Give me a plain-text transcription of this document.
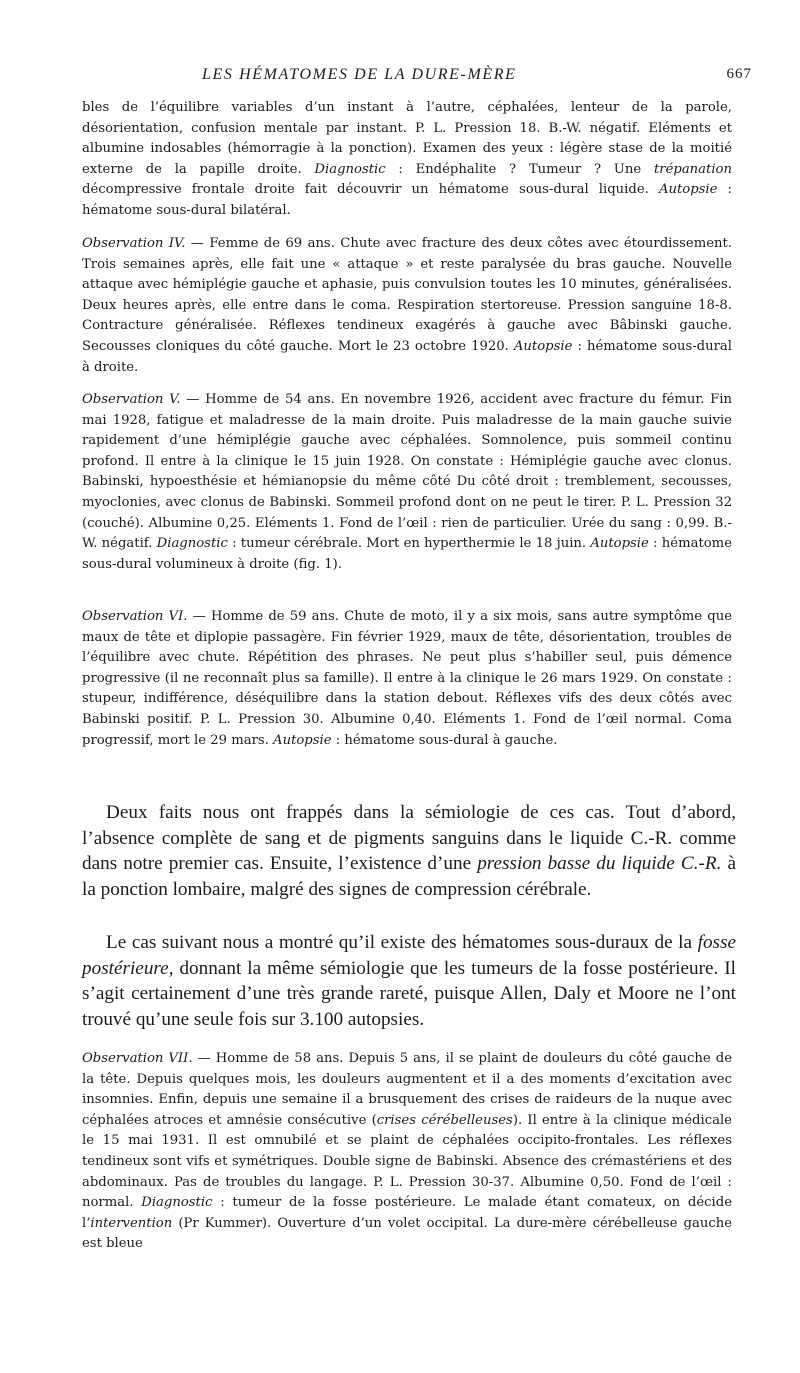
LES HÉMATOMES DE LA DURE-MÈRE	667

bles de l’équilibre variables d’un instant à l’autre, céphalées, lenteur de la parole, désorientation, confusion mentale par instant. P. L. Pression 18. B.-W. négatif. Eléments et albumine indosables (hémorragie à la ponction). Examen des yeux : légère stase de la moitié externe de la papille droite. Diagnostic : Endéphalite ? Tumeur ? Une trépanation décompressive frontale droite fait découvrir un hématome sous-dural liquide. Autopsie : hématome sous-dural bilatéral.

Observation IV. — Femme de 69 ans. Chute avec fracture des deux côtes avec étourdissement. Trois semaines après, elle fait une « attaque » et reste paralysée du bras gauche. Nouvelle attaque avec hémiplégie gauche et aphasie, puis convulsion toutes les 10 minutes, généralisées. Deux heures après, elle entre dans le coma. Respiration stertoreuse. Pression sanguine 18-8. Contracture généralisée. Réflexes tendineux exagérés à gauche avec Bâbinski gauche. Secousses cloniques du côté gauche. Mort le 23 octobre 1920. Autopsie : hématome sous-dural à droite.

Observation V. — Homme de 54 ans. En novembre 1926, accident avec fracture du fémur. Fin mai 1928, fatigue et maladresse de la main droite. Puis maladresse de la main gauche suivie rapidement d’une hémiplégie gauche avec céphalées. Somnolence, puis sommeil continu profond. Il entre à la clinique le 15 juin 1928. On constate : Hémiplégie gauche avec clonus. Babinski, hypoesthésie et hémianopsie du même côté Du côté droit : tremblement, secousses, myoclonies, avec clonus de Babinski. Sommeil profond dont on ne peut le tirer. P. L. Pression 32 (couché). Albumine 0,25. Eléments 1. Fond de l’œil : rien de particulier. Urée du sang : 0,99. B.-W. négatif. Diagnostic : tumeur cérébrale. Mort en hyperthermie le 18 juin. Autopsie : hématome sous-dural volumineux à droite (fig. 1).

Observation VI. — Homme de 59 ans. Chute de moto, il y a six mois, sans autre symptôme que maux de tête et diplopie passagère. Fin février 1929, maux de tête, désorientation, troubles de l’équilibre avec chute. Répétition des phrases. Ne peut plus s’habiller seul, puis démence progressive (il ne reconnaît plus sa famille). Il entre à la clinique le 26 mars 1929. On constate : stupeur, indifférence, déséquilibre dans la station debout. Réflexes vifs des deux côtés avec Babinski positif. P. L. Pression 30. Albumine 0,40. Eléments 1. Fond de l’œil normal. Coma progressif, mort le 29 mars. Autopsie : hématome sous-dural à gauche.

Deux faits nous ont frappés dans la sémiologie de ces cas. Tout d’abord, l’absence complète de sang et de pigments sanguins dans le liquide C.-R. comme dans notre premier cas. Ensuite, l’existence d’une pression basse du liquide C.-R. à la ponction lombaire, malgré des signes de compression cérébrale.

Le cas suivant nous a montré qu’il existe des hématomes sous-duraux de la fosse postérieure, donnant la même sémiologie que les tumeurs de la fosse postérieure. Il s’agit certainement d’une très grande rareté, puisque Allen, Daly et Moore ne l’ont trouvé qu’une seule fois sur 3.100 autopsies.

Observation VII. — Homme de 58 ans. Depuis 5 ans, il se plaint de douleurs du côté gauche de la tête. Depuis quelques mois, les douleurs augmentent et il a des moments d’excitation avec insomnies. Enfin, depuis une semaine il a brusquement des crises de raideurs de la nuque avec céphalées atroces et amnésie consécutive (crises cérébelleuses). Il entre à la clinique médicale le 15 mai 1931. Il est omnubilé et se plaint de céphalées occipito-frontales. Les réflexes tendineux sont vifs et symétriques. Double signe de Babinski. Absence des crémastériens et des abdominaux. Pas de troubles du langage. P. L. Pression 30-37. Albumine 0,50. Fond de l’œil : normal. Diagnostic : tumeur de la fosse postérieure. Le malade étant comateux, on décide l’intervention (Pr Kummer). Ouverture d’un volet occipital. La dure-mère cérébelleuse gauche est bleue
